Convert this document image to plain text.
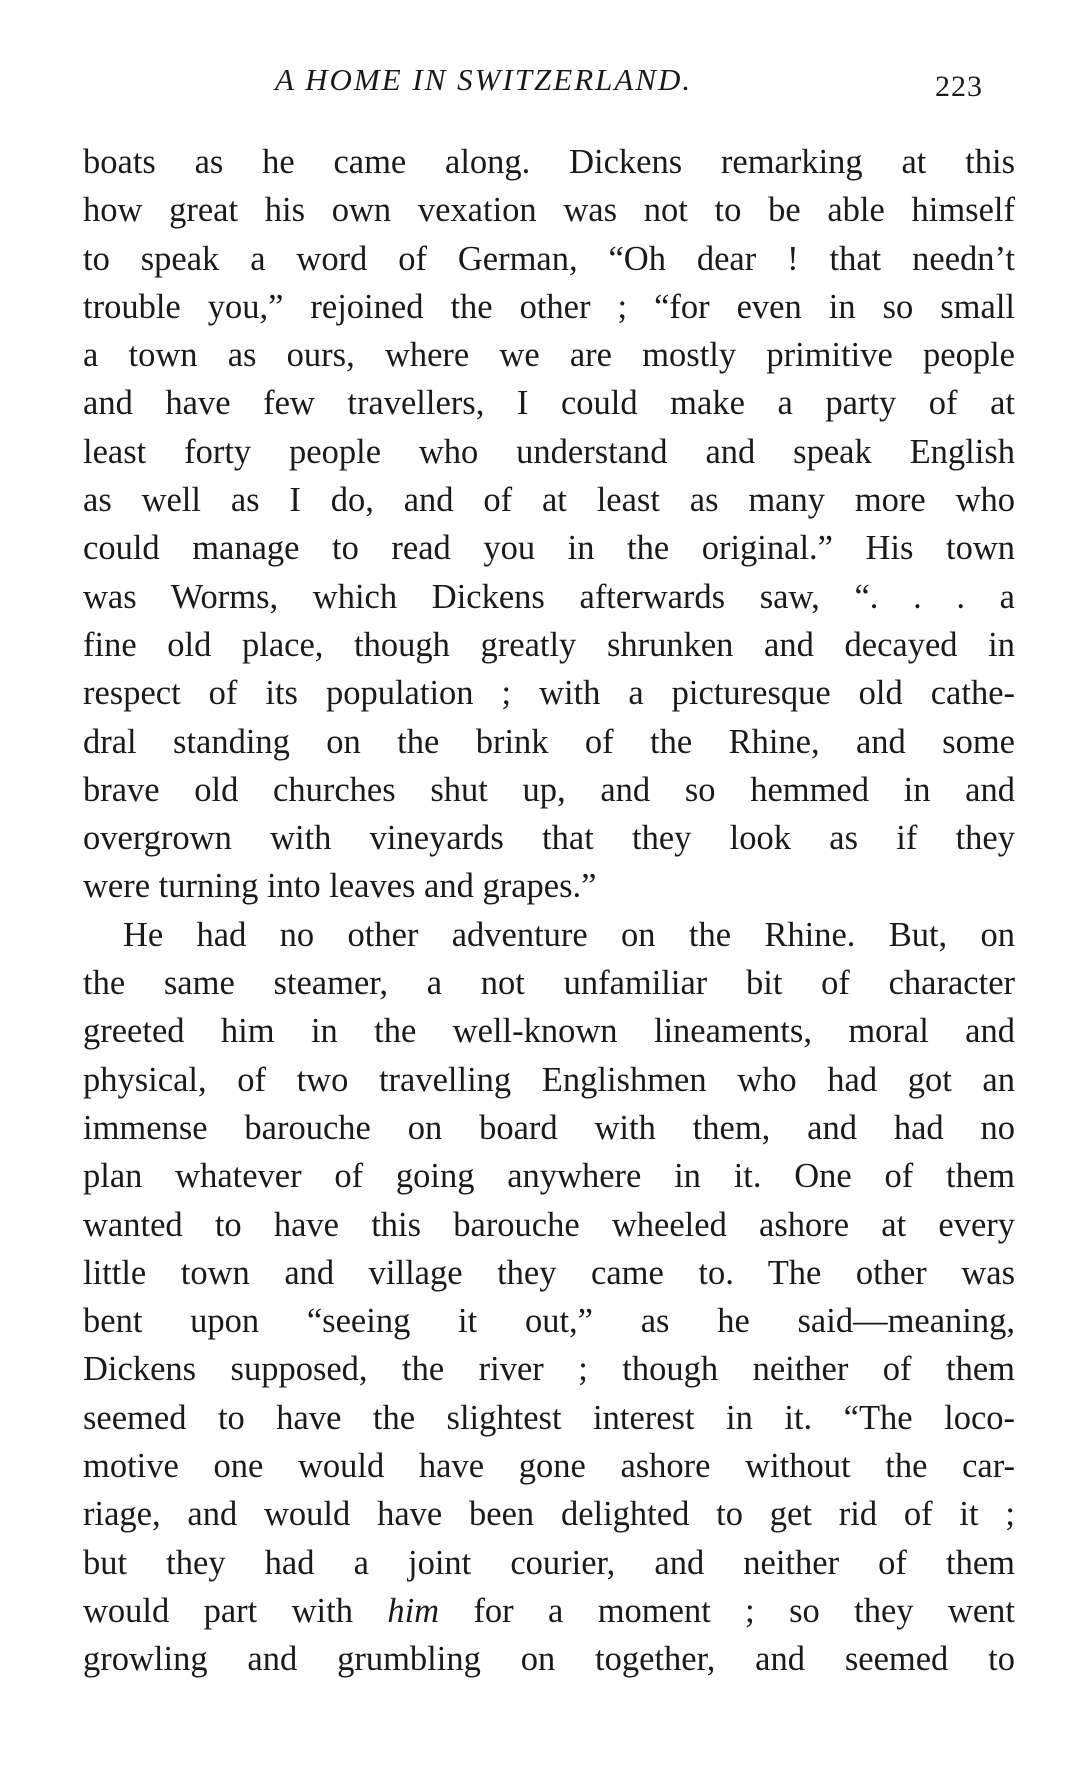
A HOME IN SWITZERLAND.	223
boats as he came along. Dickens remarking at this
how great his own vexation was not to be able himself
to speak a word of German, “Oh dear ! that needn’t
trouble you,” rejoined the other ; “for even in so small
a town as ours, where we are mostly primitive people
and have few travellers, I could make a party of at
least forty people who understand and speak English
as well as I do, and of at least as many more who
could manage to read you in the original.” His town
was Worms, which Dickens afterwards saw, “. . . a
fine old place, though greatly shrunken and decayed in
respect of its population ; with a picturesque old cathe-
dral standing on the brink of the Rhine, and some
brave old churches shut up, and so hemmed in and
overgrown with vineyards that they look as if they
were turning into leaves and grapes.”
He had no other adventure on the Rhine. But, on
the same steamer, a not unfamiliar bit of character
greeted him in the well-known lineaments, moral and
physical, of two travelling Englishmen who had got an
immense barouche on board with them, and had no
plan whatever of going anywhere in it. One of them
wanted to have this barouche wheeled ashore at every
little town and village they came to. The other was
bent upon “seeing it out,” as he said—meaning,
Dickens supposed, the river ; though neither of them
seemed to have the slightest interest in it. “The loco-
motive one would have gone ashore without the car-
riage, and would have been delighted to get rid of it ;
but they had a joint courier, and neither of them
would part with him for a moment ; so they went
growling and grumbling on together, and seemed to
